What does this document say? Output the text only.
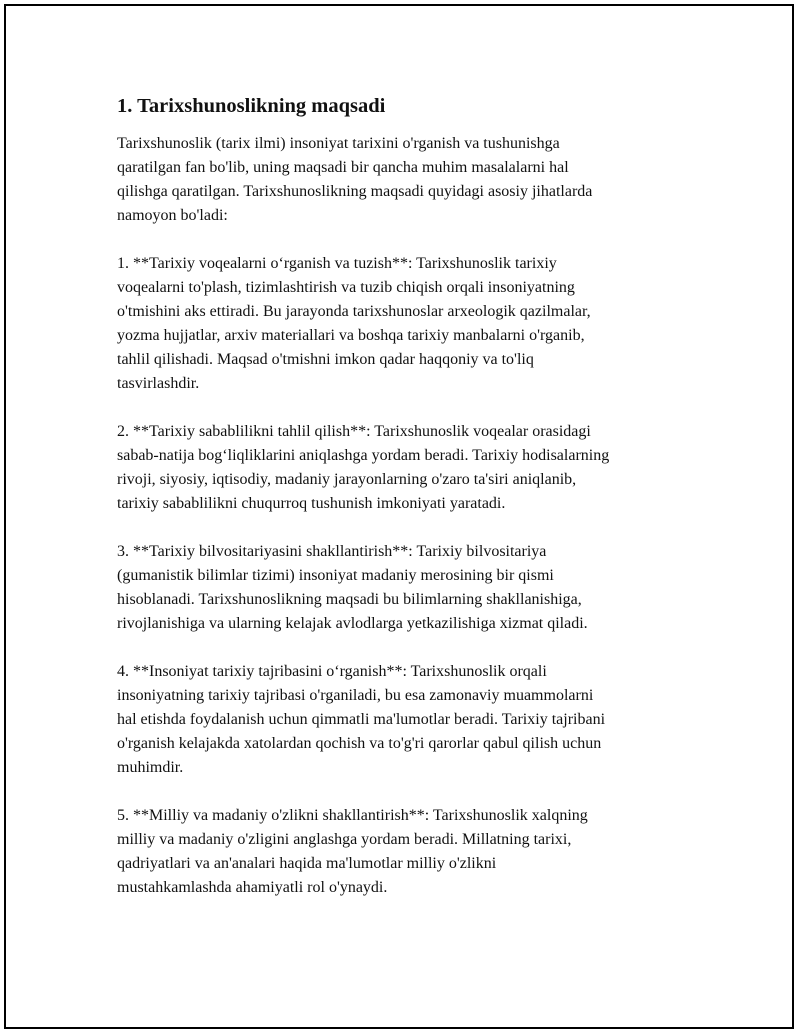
1. Tarixshunoslikning maqsadi

Tarixshunoslik (tarix ilmi) insoniyat tarixini o'rganish va tushunishga
qaratilgan fan bo'lib, uning maqsadi bir qancha muhim masalalarni hal
qilishga qaratilgan. Tarixshunoslikning maqsadi quyidagi asosiy jihatlarda
namoyon bo'ladi:

1. **Tarixiy voqealarni o‘rganish va tuzish**: Tarixshunoslik tarixiy
voqealarni to'plash, tizimlashtirish va tuzib chiqish orqali insoniyatning
o'tmishini aks ettiradi. Bu jarayonda tarixshunoslar arxeologik qazilmalar,
yozma hujjatlar, arxiv materiallari va boshqa tarixiy manbalarni o'rganib,
tahlil qilishadi. Maqsad o'tmishni imkon qadar haqqoniy va to'liq
tasvirlashdir.

2. **Tarixiy sabablilikni tahlil qilish**: Tarixshunoslik voqealar orasidagi
sabab-natija bog‘liqliklarini aniqlashga yordam beradi. Tarixiy hodisalarning
rivoji, siyosiy, iqtisodiy, madaniy jarayonlarning o'zaro ta'siri aniqlanib,
tarixiy sabablilikni chuqurroq tushunish imkoniyati yaratadi.

3. **Tarixiy bilvositariyasini shakllantirish**: Tarixiy bilvositariya
(gumanistik bilimlar tizimi) insoniyat madaniy merosining bir qismi
hisoblanadi. Tarixshunoslikning maqsadi bu bilimlarning shakllanishiga,
rivojlanishiga va ularning kelajak avlodlarga yetkazilishiga xizmat qiladi.

4. **Insoniyat tarixiy tajribasini o‘rganish**: Tarixshunoslik orqali
insoniyatning tarixiy tajribasi o'rganiladi, bu esa zamonaviy muammolarni
hal etishda foydalanish uchun qimmatli ma'lumotlar beradi. Tarixiy tajribani
o'rganish kelajakda xatolardan qochish va to'g'ri qarorlar qabul qilish uchun
muhimdir.

5. **Milliy va madaniy o'zlikni shakllantirish**: Tarixshunoslik xalqning
milliy va madaniy o'zligini anglashga yordam beradi. Millatning tarixi,
qadriyatlari va an'analari haqida ma'lumotlar milliy o'zlikni
mustahkamlashda ahamiyatli rol o'ynaydi.
